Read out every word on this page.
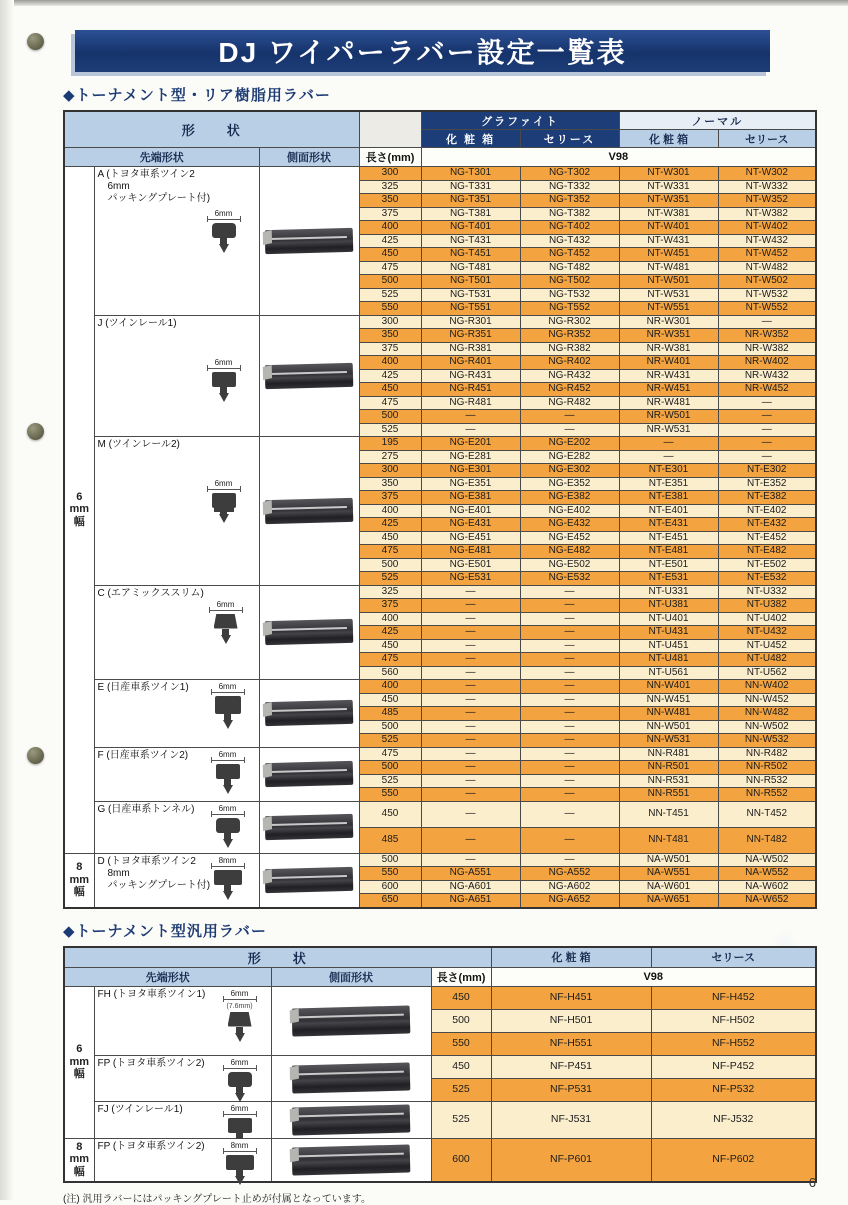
DJ ワイパーラバー設定一覧表
◆トーナメント型・リア樹脂用ラバー
形　　状				グラファイト		ノーマル	
				化 粧 箱	セリース	化 粧 箱	セリース
先端形状		側面形状	長さ(mm)	V98			

6
mm
幅

A (トヨタ車系ツイン2
6mm
パッキングプレート付)
6mm

	300	NG-T301	NG-T302	NT-W301	NT-W302
			325	NG-T331	NG-T332	NT-W331	NT-W332
			350	NG-T351	NG-T352	NT-W351	NT-W352
			375	NG-T381	NG-T382	NT-W381	NT-W382
			400	NG-T401	NG-T402	NT-W401	NT-W402
			425	NG-T431	NG-T432	NT-W431	NT-W432
			450	NG-T451	NG-T452	NT-W451	NT-W452
			475	NG-T481	NG-T482	NT-W481	NT-W482
			500	NG-T501	NG-T502	NT-W501	NT-W502
			525	NG-T531	NG-T532	NT-W531	NT-W532
			550	NG-T551	NG-T552	NT-W551	NT-W552

	J (ツインレール1)
6mm		300	NG-R301	NG-R302	NR-W301	—
			350	NG-R351	NG-R352	NR-W351	NR-W352
			375	NG-R381	NG-R382	NR-W381	NR-W382
			400	NG-R401	NG-R402	NR-W401	NR-W402
			425	NG-R431	NG-R432	NR-W431	NR-W432
			450	NG-R451	NG-R452	NR-W451	NR-W452
			475	NG-R481	NG-R482	NR-W481	—
			500	—	—	NR-W501	—
			525	—	—	NR-W531	—

	M (ツインレール2)
6mm		195	NG-E201	NG-E202	—	—
			275	NG-E281	NG-E282	—	—
			300	NG-E301	NG-E302	NT-E301	NT-E302
			350	NG-E351	NG-E352	NT-E351	NT-E352
			375	NG-E381	NG-E382	NT-E381	NT-E382
			400	NG-E401	NG-E402	NT-E401	NT-E402
			425	NG-E431	NG-E432	NT-E431	NT-E432
			450	NG-E451	NG-E452	NT-E451	NT-E452
			475	NG-E481	NG-E482	NT-E481	NT-E482
			500	NG-E501	NG-E502	NT-E501	NT-E502
			525	NG-E531	NG-E532	NT-E531	NT-E532

	C (エアミックススリム)
6mm		325	—	—	NT-U331	NT-U332
			375	—	—	NT-U381	NT-U382
			400	—	—	NT-U401	NT-U402
			425	—	—	NT-U431	NT-U432
			450	—	—	NT-U451	NT-U452
			475	—	—	NT-U481	NT-U482
			560	—	—	NT-U561	NT-U562

	E (日産車系ツイン1) 6mm		400	—	—	NN-W401	NN-W402
			450	—	—	NN-W451	NN-W452
			485	—	—	NN-W481	NN-W482
			500	—	—	NN-W501	NN-W502
			525	—	—	NN-W531	NN-W532

	F (日産車系ツイン2) 6mm		475	—	—	NN-R481	NN-R482
			500	—	—	NN-R501	NN-R502
			525	—	—	NN-R531	NN-R532
			550	—	—	NN-R551	NN-R552

	G (日産車系トンネル) 6mm		450	—	—	NN-T451	NN-T452
			485	—	—	NN-T481	NN-T482

8
mm
幅

D (トヨタ車系ツイン2
8mm
パッキングプレート付)
8mm		500	—	—	NA-W501	NA-W502
			550	NG-A551	NG-A552	NA-W551	NA-W552
			600	NG-A601	NG-A602	NA-W601	NA-W602
			650	NG-A651	NG-A652	NA-W651	NA-W652
◆トーナメント型汎用ラバー
形　　状				化 粧 箱	セリース
先端形状		側面形状	長さ(mm)	V98	

6
mm
幅

FH (トヨタ車系ツイン1)	6mm
(7.6mm)

	450	NF-H451	NF-H452
			500	NF-H501	NF-H502
			550	NF-H551	NF-H552

	FP (トヨタ車系ツイン2) 6mm		450	NF-P451	NF-P452
			525	NF-P531	NF-P532

	FJ (ツインレール1) 6mm		525	NF-J531	NF-J532

8
mm
幅

FP (トヨタ車系ツイン2)	8mm

	600	NF-P601	NF-P602
(注) 汎用ラバーにはパッキングプレート止めが付属となっています。
6
